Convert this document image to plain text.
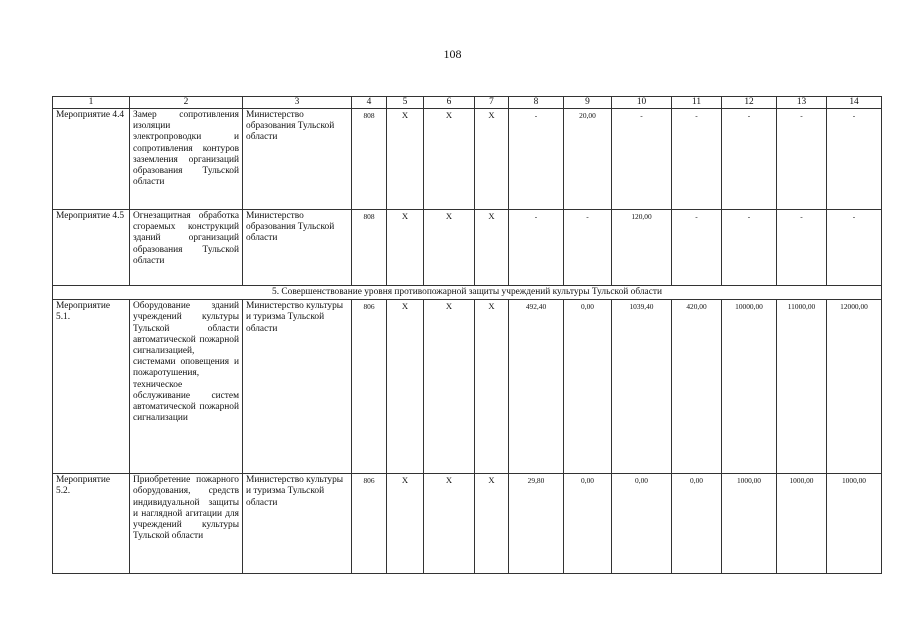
108
1	2	3	4	5	6	7	8	9	10	11	12	13	14
Мероприятие 4.4	Замер сопротивления изоляции электропроводки и сопротивления контуров заземления организаций образования Тульской области	Министерство образования Тульской области	808	X	X	X	-	20,00	-	-	-	-	-
Мероприятие 4.5	Огнезащитная обработка сгораемых конструкций зданий организаций образования Тульской области	Министерство образования Тульской области	808	X	X	X	-	-	120,00	-	-	-	-
5. Совершенствование уровня противопожарной защиты учреждений культуры Тульской области													
Мероприятие 5.1.	Оборудование зданий учреждений культуры Тульской области автоматической пожарной сигнализацией, системами оповещения и пожаротушения, техническое обслуживание систем автоматической пожарной сигнализации	Министерство культуры и туризма Тульской области	806	X	X	X	492,40	0,00	1039,40	420,00	10000,00	11000,00	12000,00
Мероприятие 5.2.	Приобретение пожарного оборудования, средств индивидуальной защиты и наглядной агитации для учреждений культуры Тульской области	Министерство культуры и туризма Тульской области	806	X	X	X	29,80	0,00	0,00	0,00	1000,00	1000,00	1000,00
